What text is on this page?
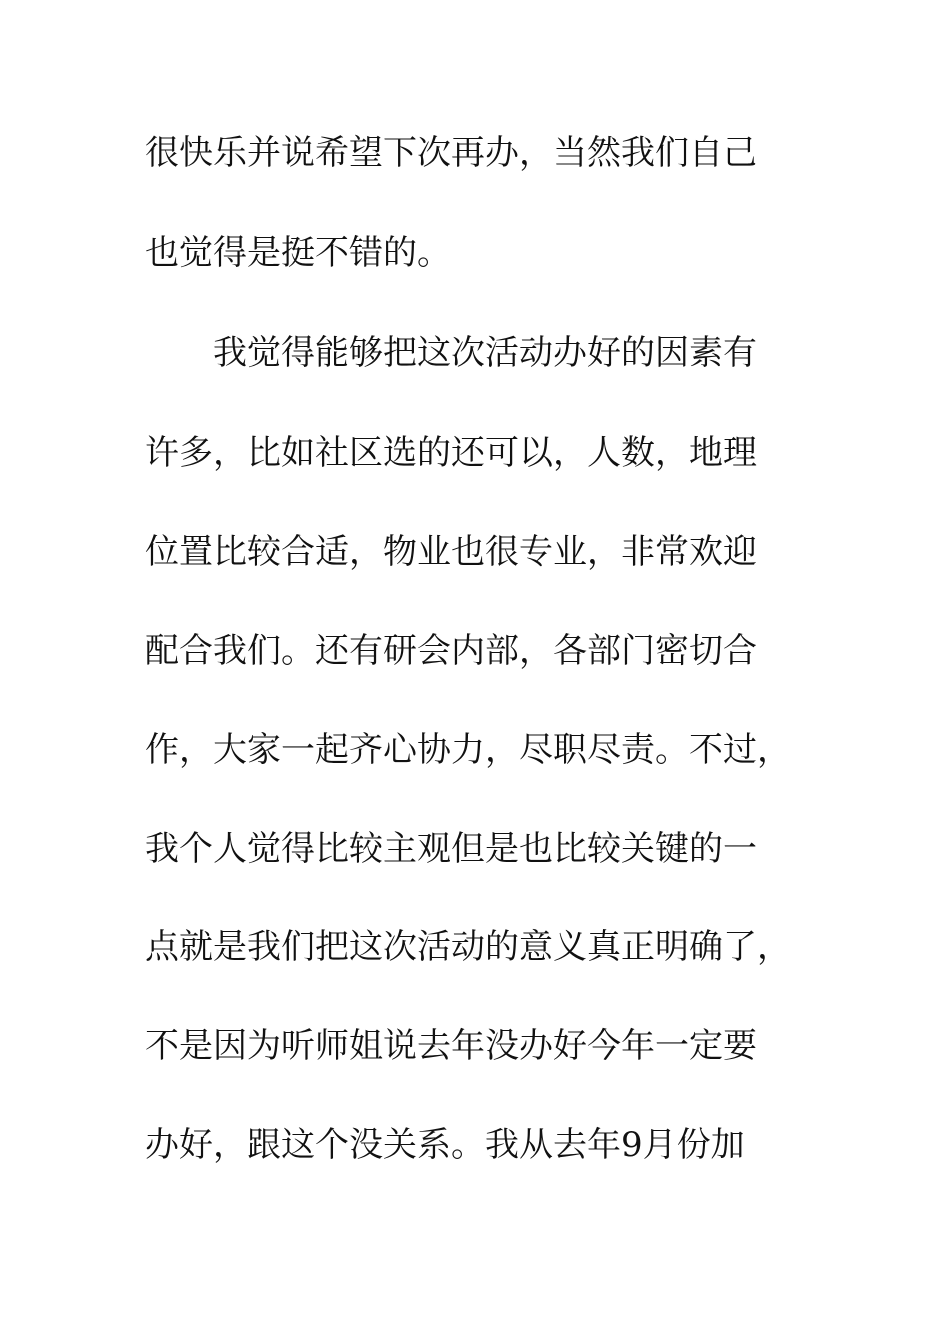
很快乐并说希望下次再办，当然我们自己
也觉得是挺不错的。
我觉得能够把这次活动办好的因素有
许多，比如社区选的还可以，人数，地理
位置比较合适，物业也很专业，非常欢迎
配合我们。还有研会内部，各部门密切合
作，大家一起齐心协力，尽职尽责。不过，
我个人觉得比较主观但是也比较关键的一
点就是我们把这次活动的意义真正明确了，
不是因为听师姐说去年没办好今年一定要
办好，跟这个没关系。我从去年9月份加
